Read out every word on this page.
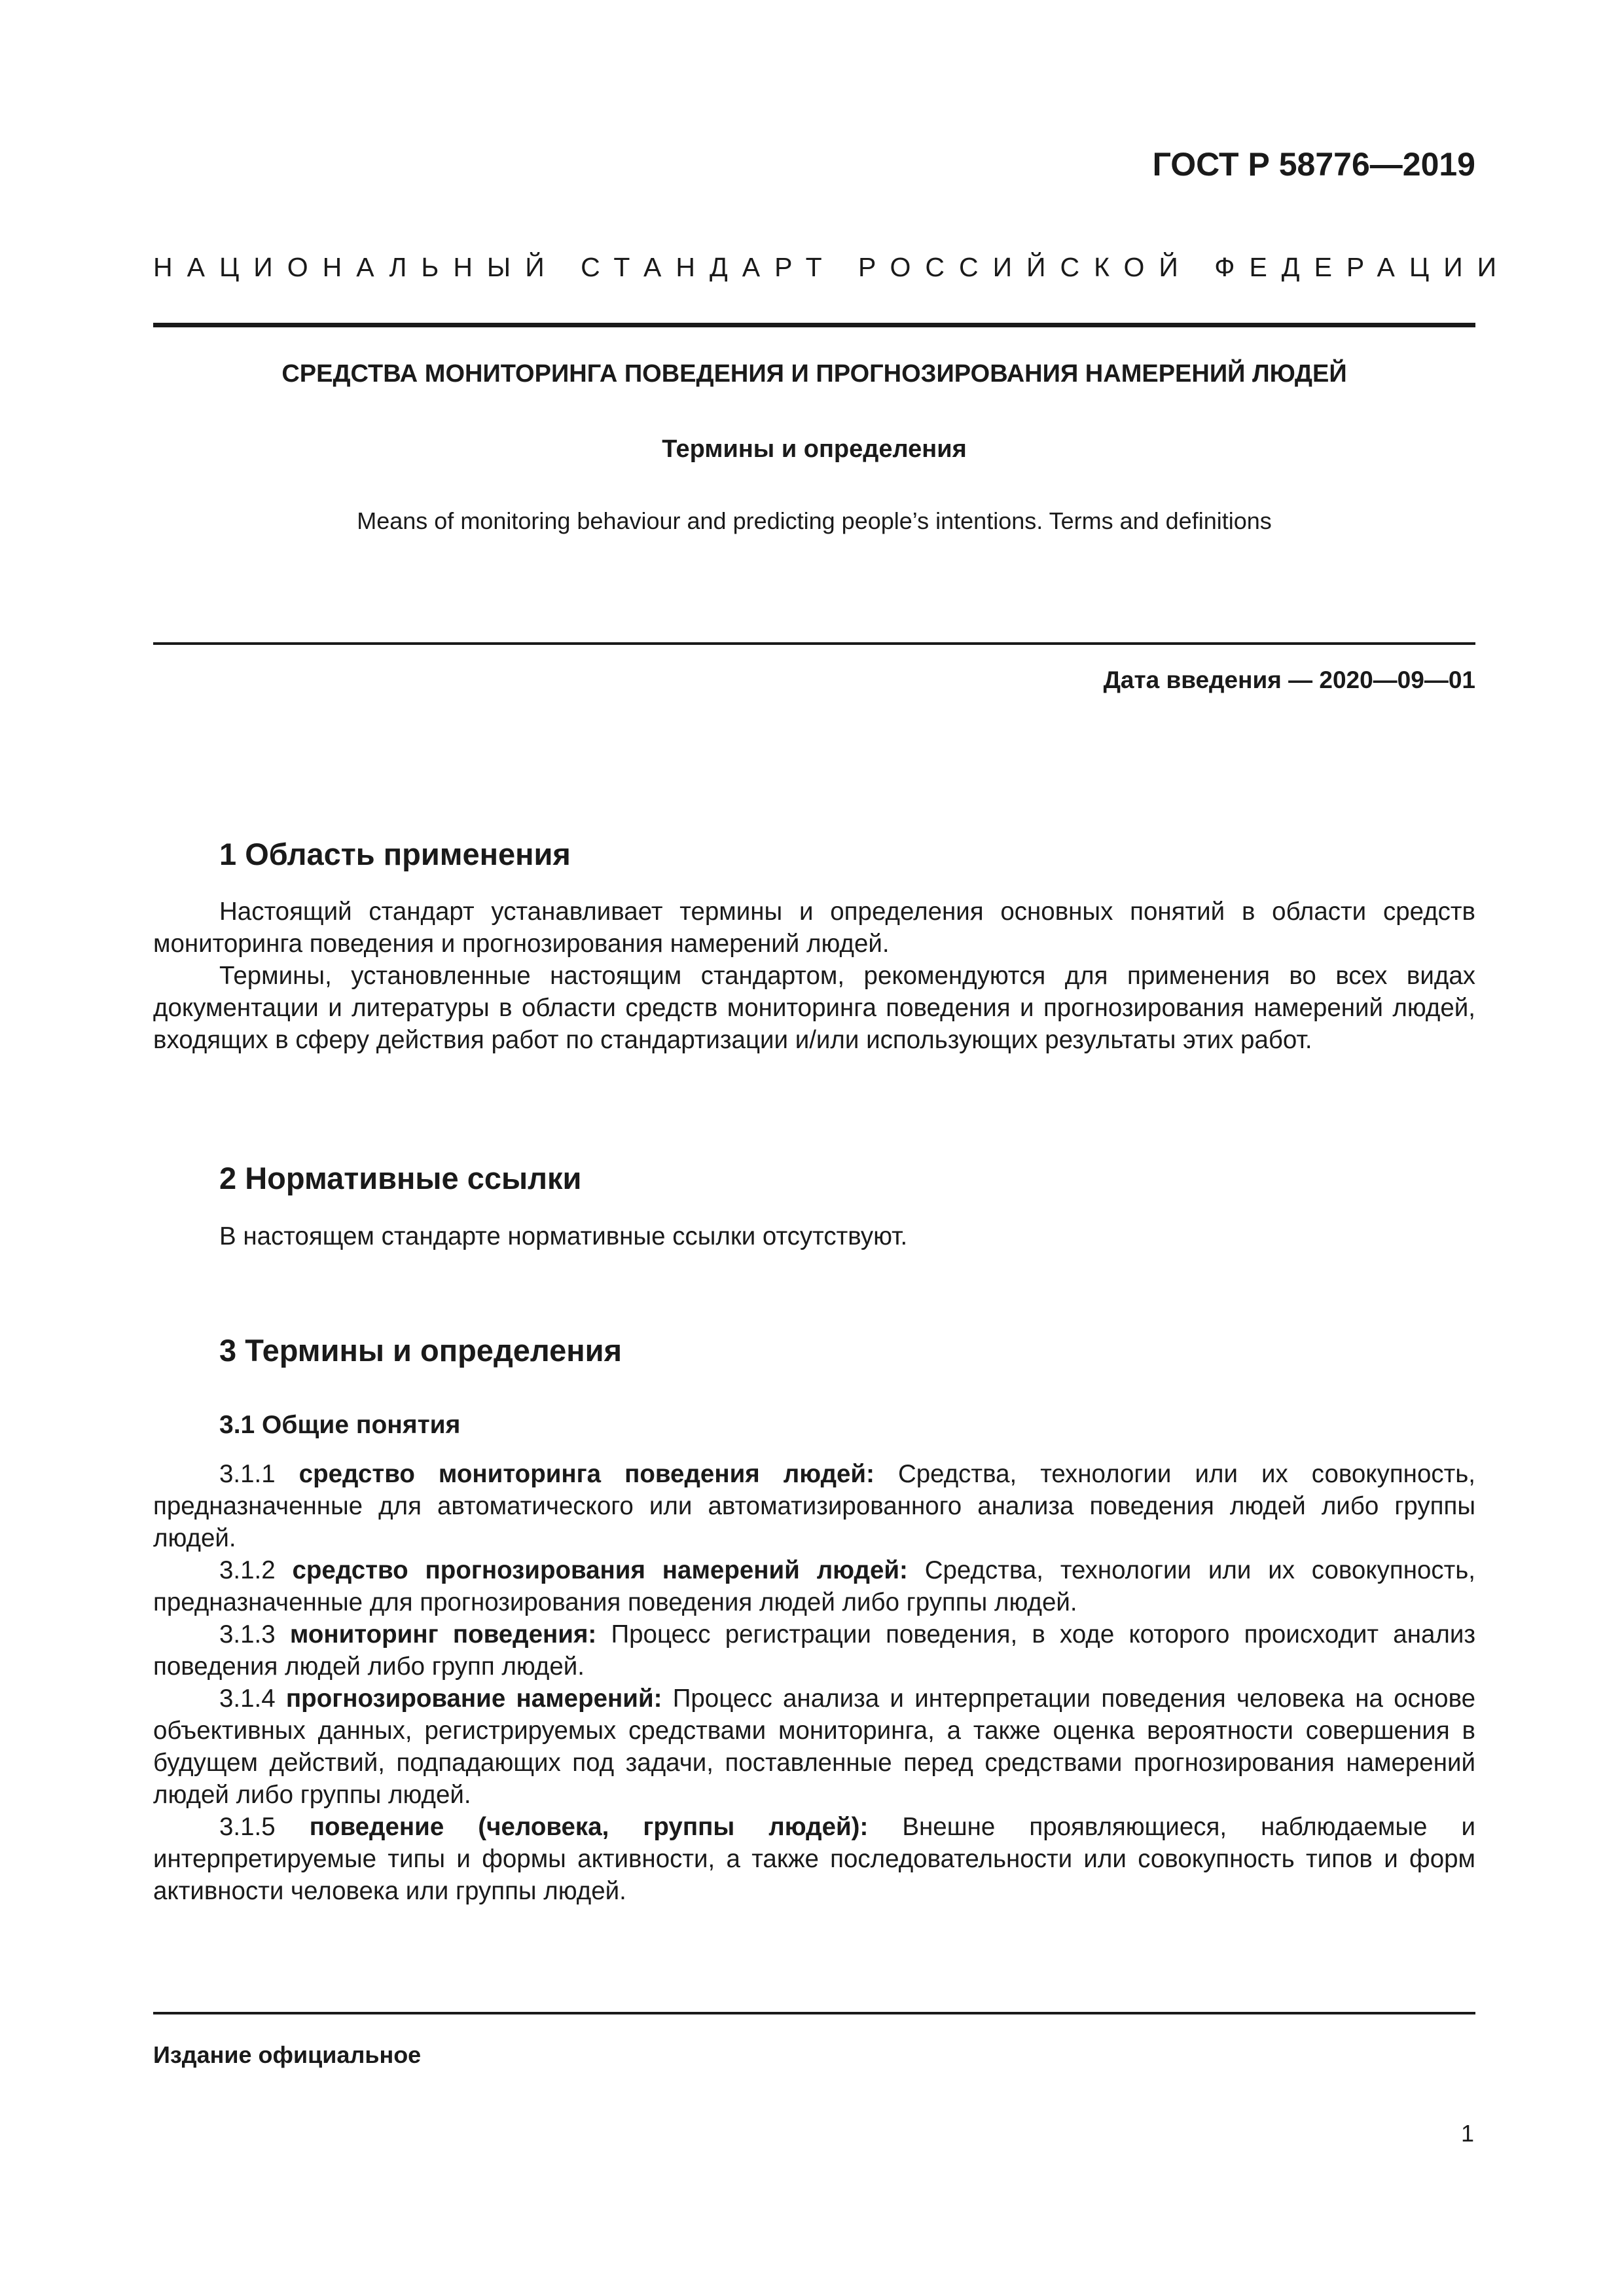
ГОСТ Р 58776—2019
НАЦИОНАЛЬНЫЙ СТАНДАРТ РОССИЙСКОЙ ФЕДЕРАЦИИ
СРЕДСТВА МОНИТОРИНГА ПОВЕДЕНИЯ И ПРОГНОЗИРОВАНИЯ НАМЕРЕНИЙ ЛЮДЕЙ
Термины и определения
Means of monitoring behaviour and predicting people’s intentions. Terms and definitions
Дата введения — 2020—09—01
1 Область применения

Настоящий стандарт устанавливает термины и определения основных понятий в области средств мониторинга поведения и прогнозирования намерений людей.

Термины, установленные настоящим стандартом, рекомендуются для применения во всех видах документации и литературы в области средств мониторинга поведения и прогнозирования намерений людей, входящих в сферу действия работ по стандартизации и/или использующих результаты этих работ.

2 Нормативные ссылки

В настоящем стандарте нормативные ссылки отсутствуют.

3 Термины и определения
3.1 Общие понятия

3.1.1 средство мониторинга поведения людей: Средства, технологии или их совокупность, предназначенные для автоматического или автоматизированного анализа поведения людей либо группы людей.

3.1.2 средство прогнозирования намерений людей: Средства, технологии или их совокупность, предназначенные для прогнозирования поведения людей либо группы людей.

3.1.3 мониторинг поведения: Процесс регистрации поведения, в ходе которого происходит анализ поведения людей либо групп людей.

3.1.4 прогнозирование намерений: Процесс анализа и интерпретации поведения человека на основе объективных данных, регистрируемых средствами мониторинга, а также оценка вероятности совершения в будущем действий, подпадающих под задачи, поставленные перед средствами прогнозирования намерений людей либо группы людей.

3.1.5 поведение (человека, группы людей): Внешне проявляющиеся, наблюдаемые и интерпретируемые типы и формы активности, а также последовательности или совокупность типов и форм активности человека или группы людей.

Издание официальное
1
